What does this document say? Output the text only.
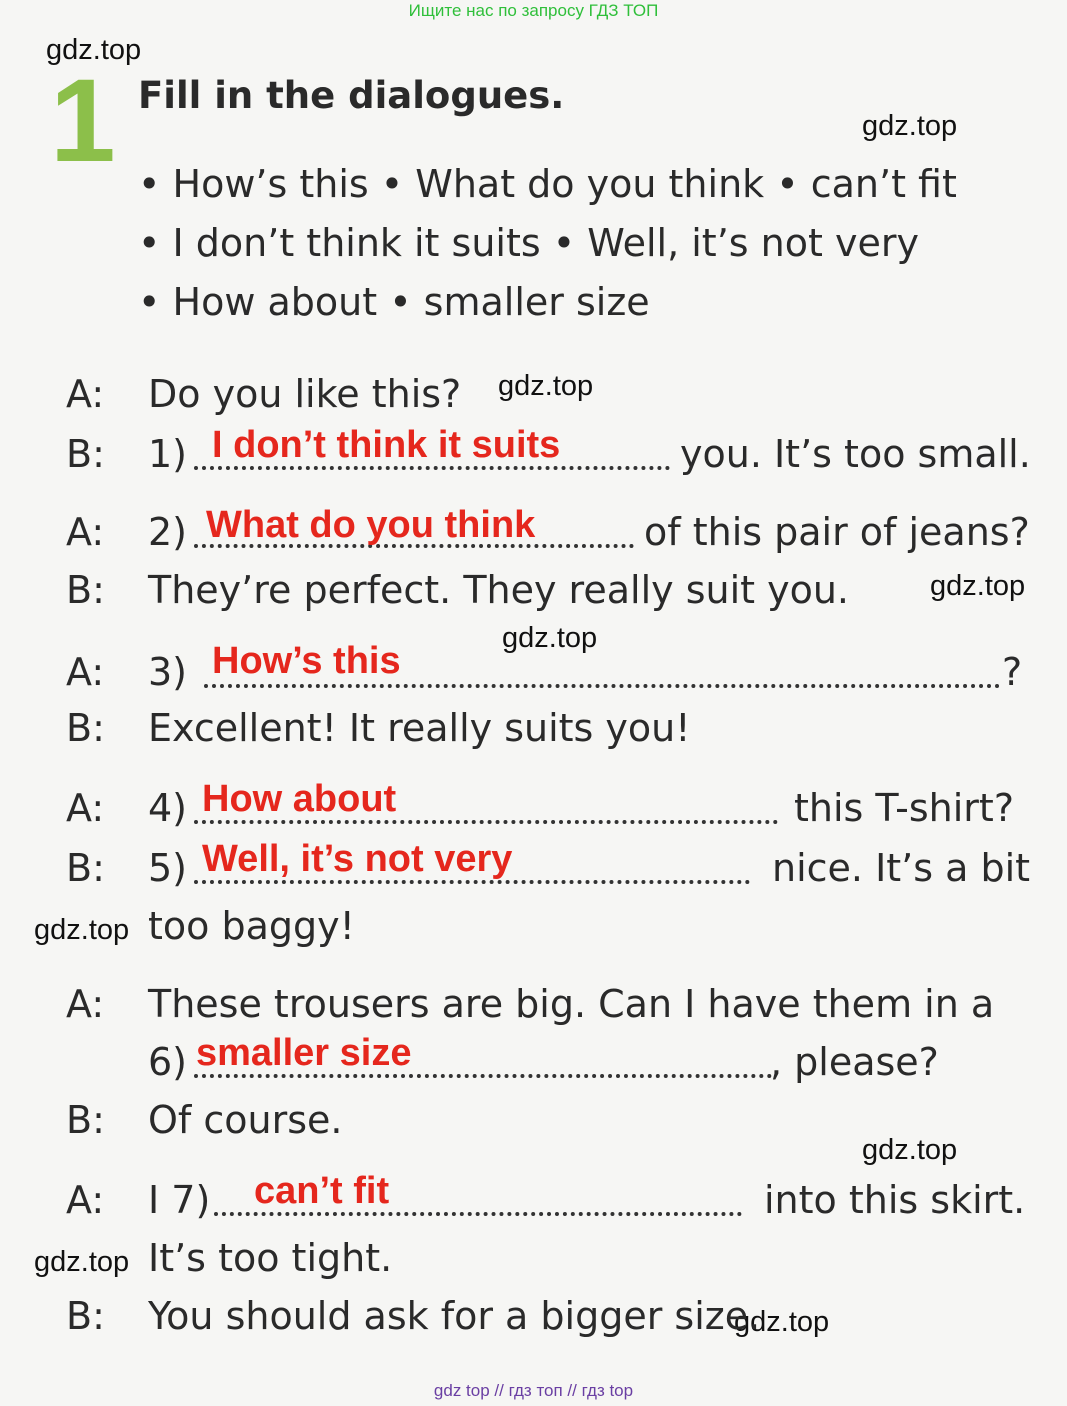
Ищите нас по запросу ГДЗ ТОП
gdz.top
gdz.top
gdz.top
gdz.top
gdz.top
gdz.top
gdz.top
gdz.top
gdz.top
1 Fill in the dialogues.
• How’s this • What do you think • can’t fit
• I don’t think it suits • Well, it’s not very
• How about • smaller size
A: Do you like this?
B: 1) I don’t think it suits	you. It’s too small.
A: 2) What do you think	of this pair of jeans?
B: They’re perfect. They really suit you.
A: 3) How’s this	?
B: Excellent! It really suits you!
A: 4) How about	this T-shirt?
B: 5) Well, it’s not very	nice. It’s a bit
too baggy!
A: These trousers are big. Can I have them in a
6) smaller size	, please?
B: Of course.
A: I 7) can’t fit	into this skirt.
It’s too tight.
B: You should ask for a bigger size.
gdz top // гдз топ // гдз top
